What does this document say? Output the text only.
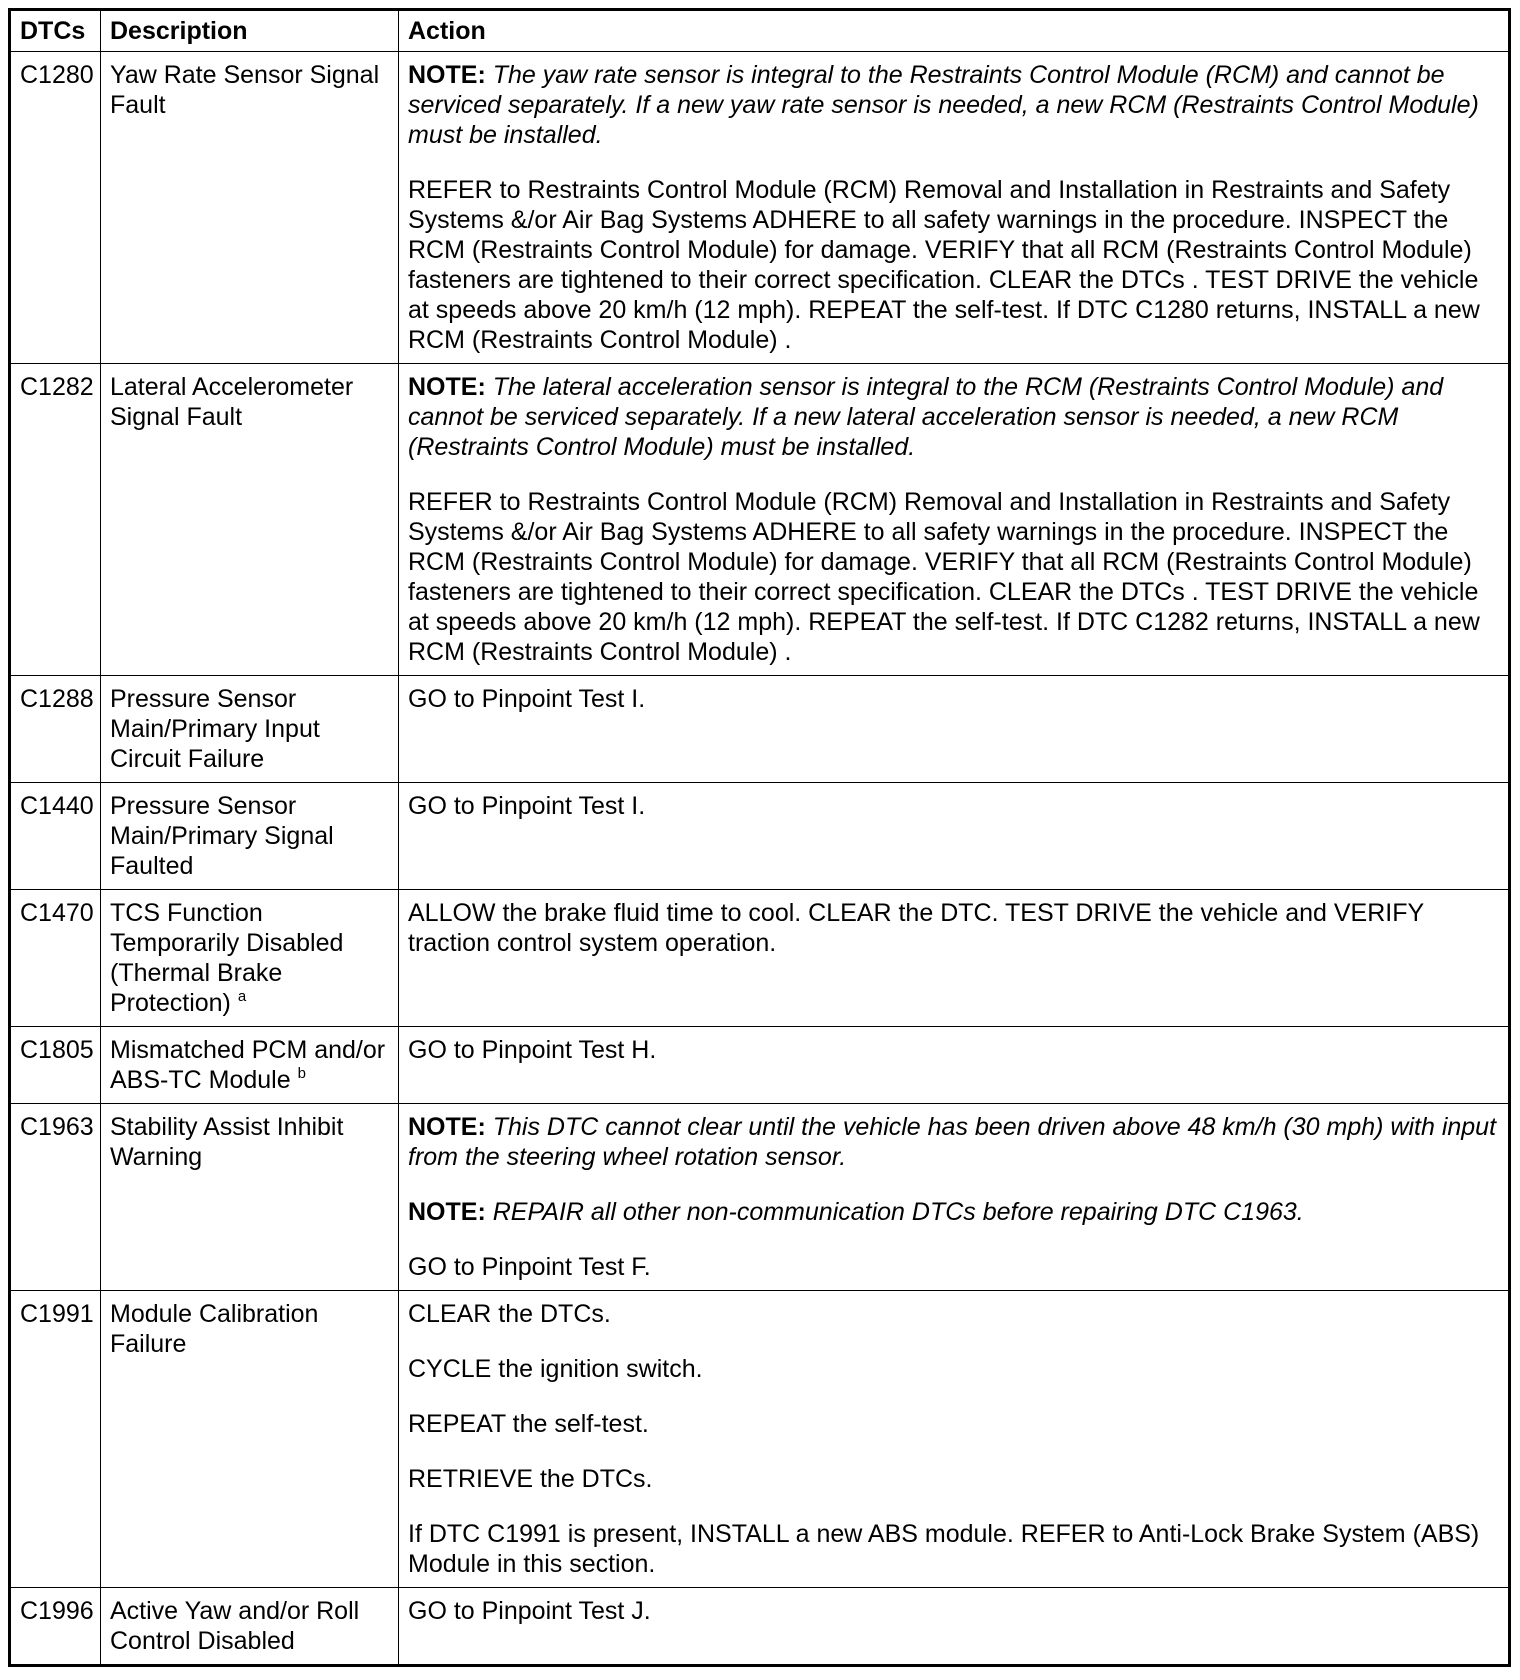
DTCs	Description	Action
C1280	Yaw Rate Sensor Signal Fault	NOTE: The yaw rate sensor is integral to the Restraints Control Module (RCM) and cannot be serviced separately. If a new yaw rate sensor is needed, a new RCM (Restraints Control Module) must be installed.
REFER to Restraints Control Module (RCM) Removal and Installation in Restraints and Safety Systems &/or Air Bag Systems ADHERE to all safety warnings in the procedure. INSPECT the RCM (Restraints Control Module) for damage. VERIFY that all RCM (Restraints Control Module) fasteners are tightened to their correct specification. CLEAR the DTCs . TEST DRIVE the vehicle at speeds above 20 km/h (12 mph). REPEAT the self-test. If DTC C1280 returns, INSTALL a new RCM (Restraints Control Module) .

C1282	Lateral Accelerometer Signal Fault	NOTE: The lateral acceleration sensor is integral to the RCM (Restraints Control Module) and cannot be serviced separately. If a new lateral acceleration sensor is needed, a new RCM (Restraints Control Module) must be installed.
REFER to Restraints Control Module (RCM) Removal and Installation in Restraints and Safety Systems &/or Air Bag Systems ADHERE to all safety warnings in the procedure. INSPECT the RCM (Restraints Control Module) for damage. VERIFY that all RCM (Restraints Control Module) fasteners are tightened to their correct specification. CLEAR the DTCs . TEST DRIVE the vehicle at speeds above 20 km/h (12 mph). REPEAT the self-test. If DTC C1282 returns, INSTALL a new RCM (Restraints Control Module) .

C1288	Pressure Sensor Main/Primary Input Circuit Failure	GO to Pinpoint Test I.

C1440	Pressure Sensor Main/Primary Signal Faulted	GO to Pinpoint Test I.

C1470	TCS Function Temporarily Disabled (Thermal Brake Protection) $^a$	ALLOW the brake fluid time to cool. CLEAR the DTC. TEST DRIVE the vehicle and VERIFY traction control system operation.

C1805	Mismatched PCM and/or ABS-TC Module $^b$	GO to Pinpoint Test H.

C1963	Stability Assist Inhibit Warning	NOTE: This DTC cannot clear until the vehicle has been driven above 48 km/h (30 mph) with input from the steering wheel rotation sensor.
NOTE: REPAIR all other non-communication DTCs before repairing DTC C1963.
GO to Pinpoint Test F.

C1991	Module Calibration Failure	CLEAR the DTCs.
CYCLE the ignition switch.
REPEAT the self-test.
RETRIEVE the DTCs.
If DTC C1991 is present, INSTALL a new ABS module. REFER to Anti-Lock Brake System (ABS) Module in this section.

C1996	Active Yaw and/or Roll Control Disabled	GO to Pinpoint Test J.
